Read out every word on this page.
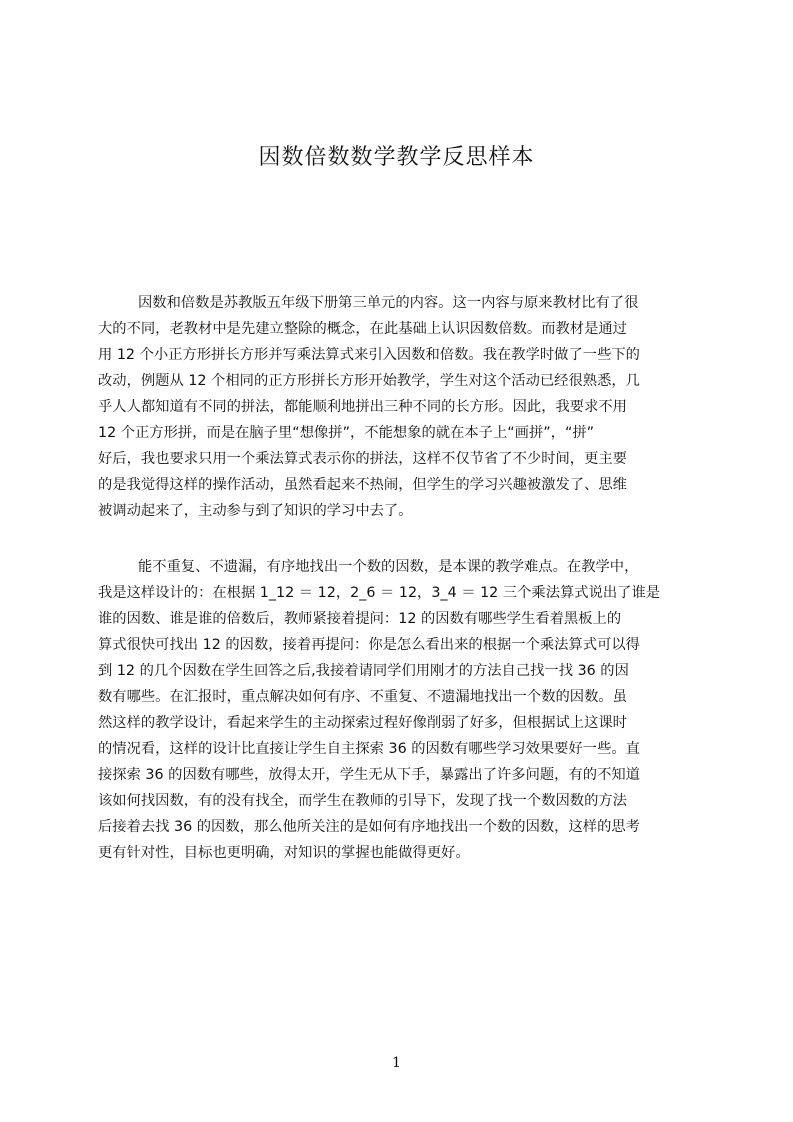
因数倍数数学教学反思样本
因数和倍数是苏教版五年级下册第三单元的内容。这一内容与原来教材比有了很
大的不同，老教材中是先建立整除的概念，在此基础上认识因数倍数。而教材是通过
用 12 个小正方形拼长方形并写乘法算式来引入因数和倍数。我在教学时做了一些下的
改动，例题从 12 个相同的正方形拼长方形开始教学，学生对这个活动已经很熟悉，几
乎人人都知道有不同的拼法，都能顺利地拼出三种不同的长方形。因此，我要求不用
12 个正方形拼，而是在脑子里“想像拼”，不能想象的就在本子上“画拼”，“拼”
好后，我也要求只用一个乘法算式表示你的拼法，这样不仅节省了不少时间，更主要
的是我觉得这样的操作活动，虽然看起来不热闹，但学生的学习兴趣被激发了、思维
被调动起来了，主动参与到了知识的学习中去了。
能不重复、不遗漏，有序地找出一个数的因数，是本课的教学难点。在教学中，
我是这样设计的：在根据 1_12 ＝ 12，2_6 ＝ 12，3_4 ＝ 12 三个乘法算式说出了谁是
谁的因数、谁是谁的倍数后，教师紧接着提问：12 的因数有哪些学生看着黑板上的
算式很快可找出 12 的因数，接着再提问：你是怎么看出来的根据一个乘法算式可以得
到 12 的几个因数在学生回答之后,我接着请同学们用刚才的方法自己找一找 36 的因
数有哪些。在汇报时，重点解决如何有序、不重复、不遗漏地找出一个数的因数。虽
然这样的教学设计，看起来学生的主动探索过程好像削弱了好多，但根据试上这课时
的情况看，这样的设计比直接让学生自主探索 36 的因数有哪些学习效果要好一些。直
接探索 36 的因数有哪些，放得太开，学生无从下手，暴露出了许多问题，有的不知道
该如何找因数，有的没有找全，而学生在教师的引导下，发现了找一个数因数的方法
后接着去找 36 的因数，那么他所关注的是如何有序地找出一个数的因数，这样的思考
更有针对性，目标也更明确，对知识的掌握也能做得更好。
1
